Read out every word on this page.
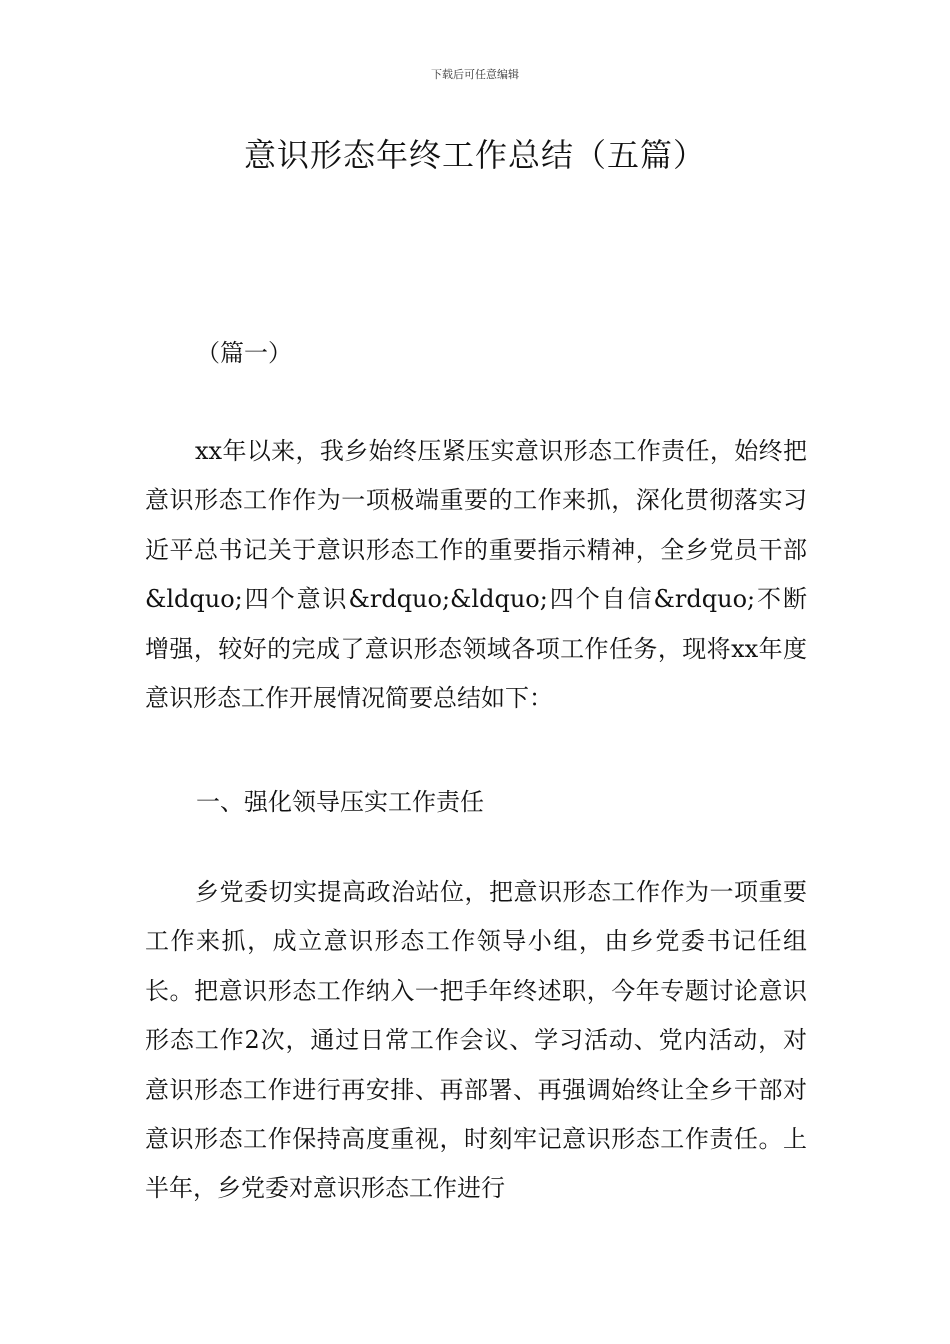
下载后可任意编辑
意识形态年终工作总结（五篇）
（篇一）

xx年以来，我乡始终压紧压实意识形态工作责任，始终把意识形态工作作为一项极端重要的工作来抓，深化贯彻落实习近平总书记关于意识形态工作的重要指示精神，全乡党员干部&ldquo;四个意识&rdquo;&ldquo;四个自信&rdquo;不断增强，较好的完成了意识形态领域各项工作任务，现将xx年度意识形态工作开展情况简要总结如下：

一、强化领导压实工作责任

乡党委切实提高政治站位，把意识形态工作作为一项重要工作来抓，成立意识形态工作领导小组，由乡党委书记任组长。把意识形态工作纳入一把手年终述职，今年专题讨论意识形态工作2次，通过日常工作会议、学习活动、党内活动，对意识形态工作进行再安排、再部署、再强调始终让全乡干部对意识形态工作保持高度重视，时刻牢记意识形态工作责任。上半年，乡党委对意识形态工作进行
